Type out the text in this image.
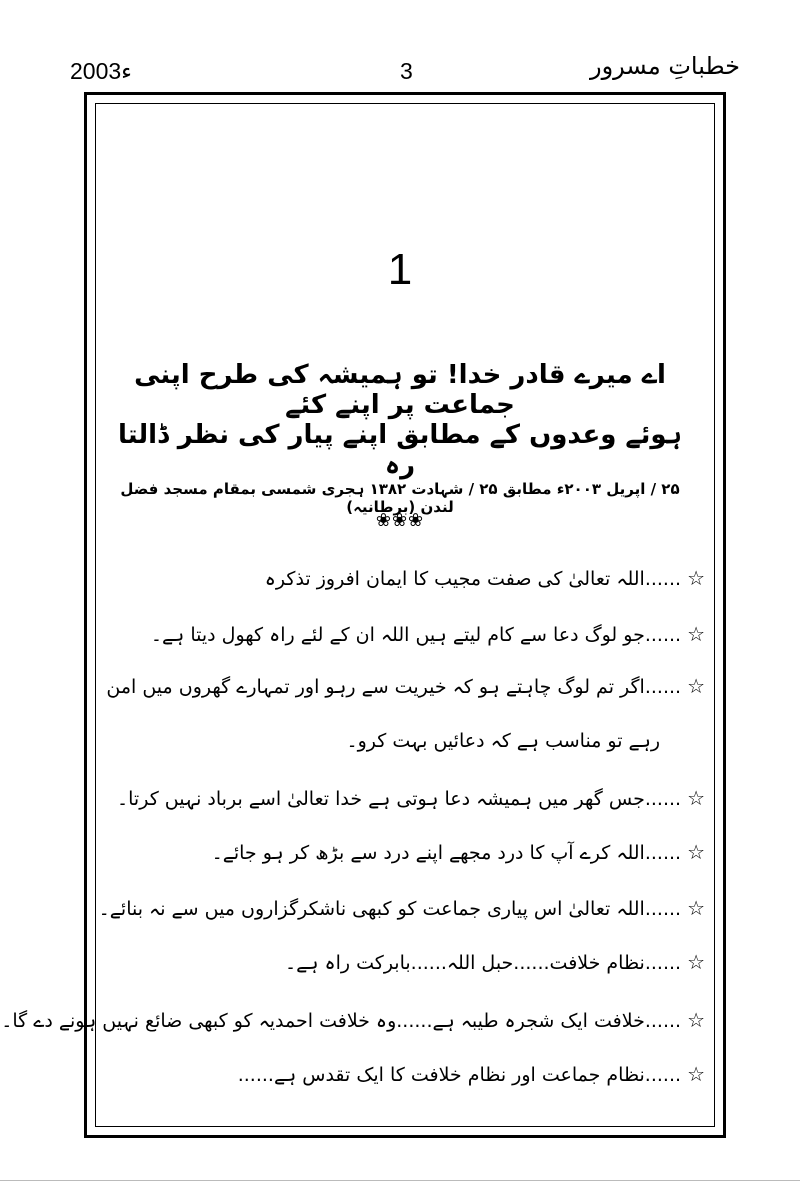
2003ء	3	خطباتِ مسرور
1
اے میرے قادر خدا! تو ہمیشہ کی طرح اپنی جماعت پر اپنے کئے
ہوئے وعدوں کے مطابق اپنے پیار کی نظر ڈالتا رہ
۲۵ / اپریل ۲۰۰۳ء مطابق ۲۵ / شہادت ۱۳۸۲ ہجری شمسی بمقام مسجد فضل لندن (برطانیہ)
❀❀❀
☆......اللہ تعالیٰ کی صفت مجیب کا ایمان افروز تذکرہ
☆......جو لوگ دعا سے کام لیتے ہیں اللہ ان کے لئے راہ کھول دیتا ہے۔
☆......اگر تم لوگ چاہتے ہو کہ خیریت سے رہو اور تمہارے گھروں میں امن
رہے تو مناسب ہے کہ دعائیں بہت کرو۔
☆......جس گھر میں ہمیشہ دعا ہوتی ہے خدا تعالیٰ اسے برباد نہیں کرتا۔
☆......اللہ کرے آپ کا درد مجھے اپنے درد سے بڑھ کر ہو جائے۔
☆......اللہ تعالیٰ اس پیاری جماعت کو کبھی ناشکرگزاروں میں سے نہ بنائے۔
☆......نظام خلافت......حبل اللہ......بابرکت راہ ہے۔
☆......خلافت ایک شجرہ طیبہ ہے......وہ خلافت احمدیہ کو کبھی ضائع نہیں ہونے دے گا۔
☆......نظام جماعت اور نظام خلافت کا ایک تقدس ہے......
